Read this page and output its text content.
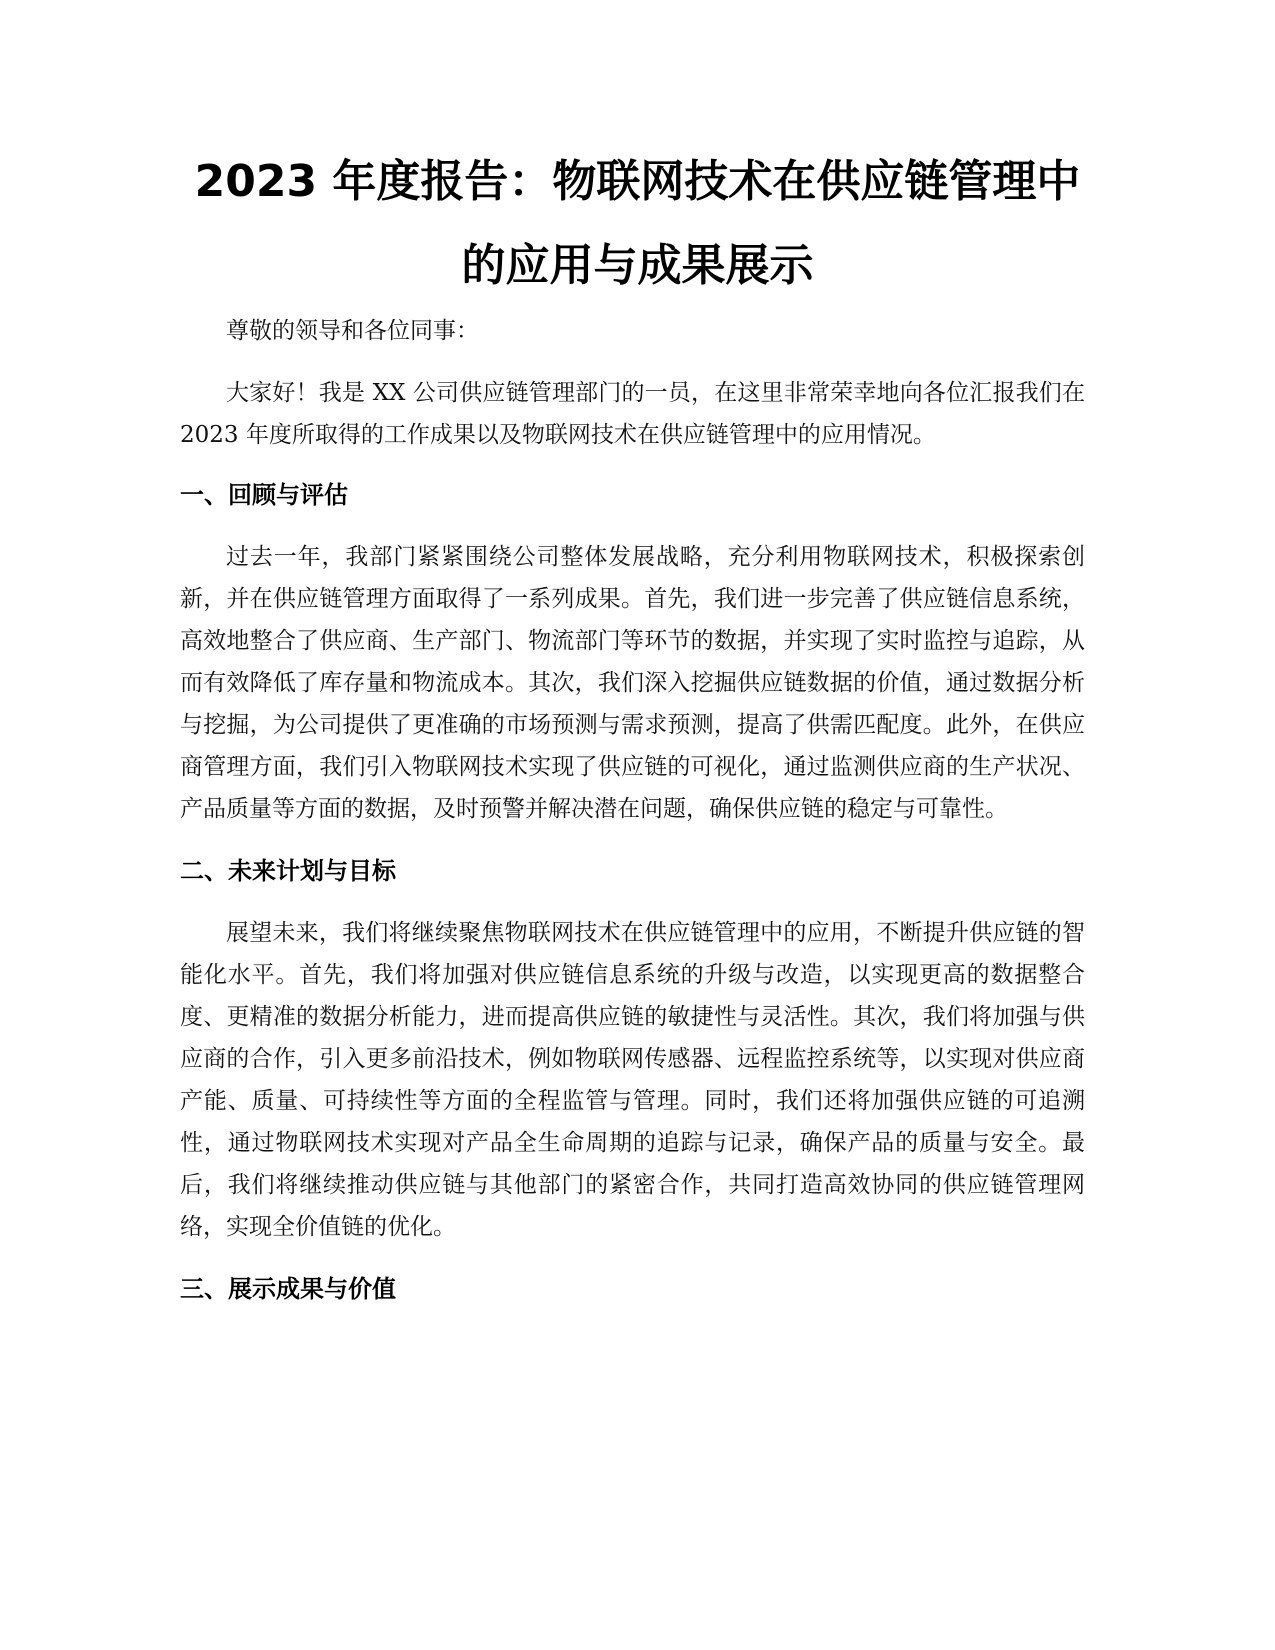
2023 年度报告：物联网技术在供应链管理中
的应用与成果展示

尊敬的领导和各位同事：

大家好！我是 XX 公司供应链管理部门的一员，在这里非常荣幸地向各位汇报我们在 2023 年度所取得的工作成果以及物联网技术在供应链管理中的应用情况。

一、回顾与评估

过去一年，我部门紧紧围绕公司整体发展战略，充分利用物联网技术，积极探索创新，并在供应链管理方面取得了一系列成果。首先，我们进一步完善了供应链信息系统，高效地整合了供应商、生产部门、物流部门等环节的数据，并实现了实时监控与追踪，从而有效降低了库存量和物流成本。其次，我们深入挖掘供应链数据的价值，通过数据分析与挖掘，为公司提供了更准确的市场预测与需求预测，提高了供需匹配度。此外，在供应商管理方面，我们引入物联网技术实现了供应链的可视化，通过监测供应商的生产状况、产品质量等方面的数据，及时预警并解决潜在问题，确保供应链的稳定与可靠性。

二、未来计划与目标

展望未来，我们将继续聚焦物联网技术在供应链管理中的应用，不断提升供应链的智能化水平。首先，我们将加强对供应链信息系统的升级与改造，以实现更高的数据整合度、更精准的数据分析能力，进而提高供应链的敏捷性与灵活性。其次，我们将加强与供应商的合作，引入更多前沿技术，例如物联网传感器、远程监控系统等，以实现对供应商产能、质量、可持续性等方面的全程监管与管理。同时，我们还将加强供应链的可追溯性，通过物联网技术实现对产品全生命周期的追踪与记录，确保产品的质量与安全。最后，我们将继续推动供应链与其他部门的紧密合作，共同打造高效协同的供应链管理网络，实现全价值链的优化。

三、展示成果与价值
